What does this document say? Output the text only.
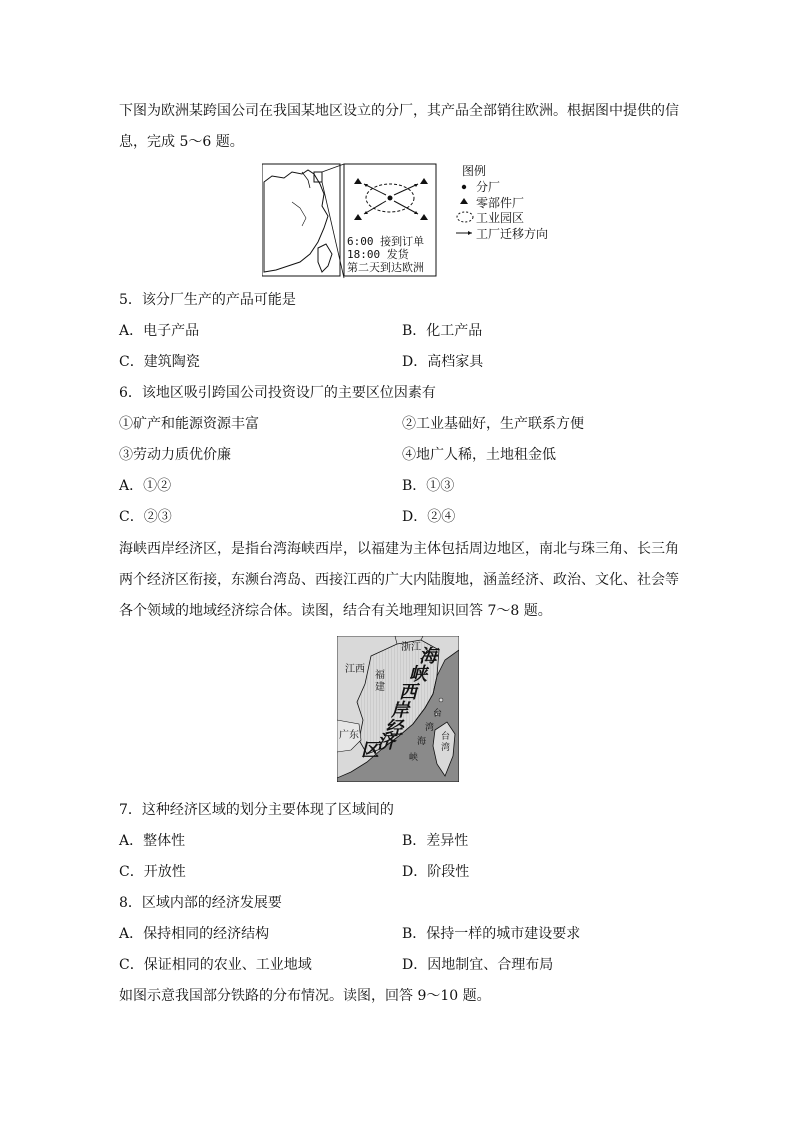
下图为欧洲某跨国公司在我国某地区设立的分厂，其产品全部销往欧洲。根据图中提供的信
息，完成 5～6 题。
图例
分厂
零部件厂
工业园区
工厂迁移方向
6:00 接到订单
18:00 发货
第二天到达欧洲
5．该分厂生产的产品可能是
A．电子产品	B．化工产品
C．建筑陶瓷	D．高档家具
6．该地区吸引跨国公司投资设厂的主要区位因素有
①矿产和能源资源丰富	②工业基础好，生产联系方便
③劳动力质优价廉	④地广人稀，土地租金低
A．①②	B．①③
C．②③	D．②④
海峡西岸经济区，是指台湾海峡西岸，以福建为主体包括周边地区，南北与珠三角、长三角
两个经济区衔接，东濒台湾岛、西接江西的广大内陆腹地，涵盖经济、政治、文化、社会等
各个领域的地域经济综合体。读图，结合有关地理知识回答 7～8 题。
浙江
江西
福建
广东	台湾
台
湾
海
峡
海
峡
西
岸
经
济
区
7．这种经济区域的划分主要体现了区域间的
A．整体性	B．差异性
C．开放性	D．阶段性
8．区域内部的经济发展要
A．保持相同的经济结构	B．保持一样的城市建设要求
C．保证相同的农业、工业地域	D．因地制宜、合理布局
如图示意我国部分铁路的分布情况。读图，回答 9～10 题。
